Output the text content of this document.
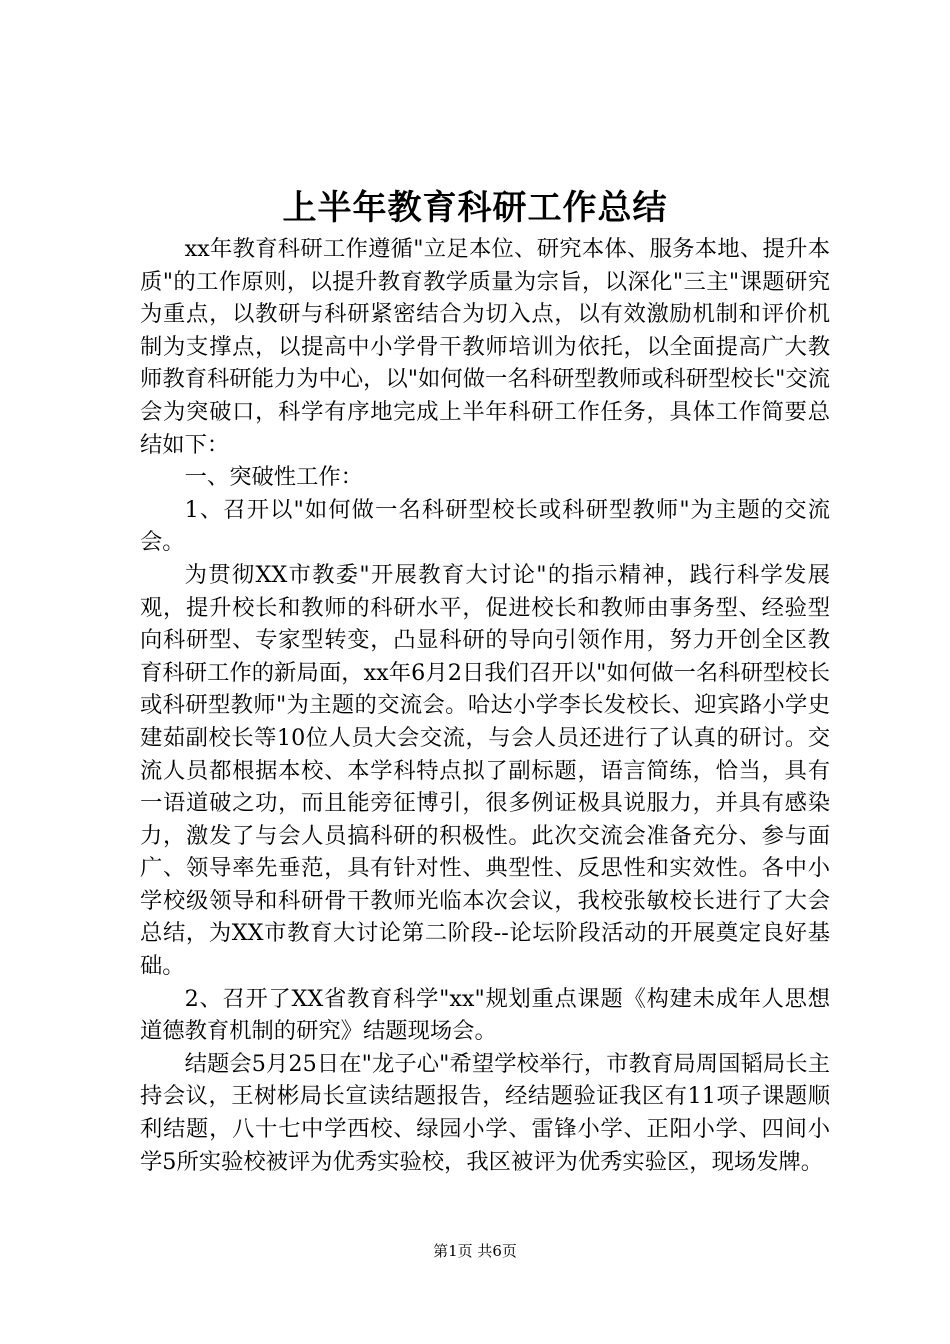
上半年教育科研工作总结

xx年教育科研工作遵循"立足本位、研究本体、服务本地、提升本质"的工作原则，以提升教育教学质量为宗旨，以深化"三主"课题研究为重点，以教研与科研紧密结合为切入点，以有效激励机制和评价机制为支撑点，以提高中小学骨干教师培训为依托，以全面提高广大教师教育科研能力为中心，以"如何做一名科研型教师或科研型校长"交流会为突破口，科学有序地完成上半年科研工作任务，具体工作简要总结如下：

一、突破性工作：

1、召开以"如何做一名科研型校长或科研型教师"为主题的交流会。

为贯彻XX市教委"开展教育大讨论"的指示精神，践行科学发展观，提升校长和教师的科研水平，促进校长和教师由事务型、经验型向科研型、专家型转变，凸显科研的导向引领作用，努力开创全区教育科研工作的新局面，xx年6月2日我们召开以"如何做一名科研型校长或科研型教师"为主题的交流会。哈达小学李长发校长、迎宾路小学史建茹副校长等10位人员大会交流，与会人员还进行了认真的研讨。交流人员都根据本校、本学科特点拟了副标题，语言简练，恰当，具有一语道破之功，而且能旁征博引，很多例证极具说服力，并具有感染力，激发了与会人员搞科研的积极性。此次交流会准备充分、参与面广、领导率先垂范，具有针对性、典型性、反思性和实效性。各中小学校级领导和科研骨干教师光临本次会议，我校张敏校长进行了大会总结，为XX市教育大讨论第二阶段--论坛阶段活动的开展奠定良好基础。

2、召开了XX省教育科学"xx"规划重点课题《构建未成年人思想道德教育机制的研究》结题现场会。

结题会5月25日在"龙子心"希望学校举行，市教育局周国韬局长主持会议，王树彬局长宣读结题报告，经结题验证我区有11项子课题顺利结题，八十七中学西校、绿园小学、雷锋小学、正阳小学、四间小学5所实验校被评为优秀实验校，我区被评为优秀实验区，现场发牌。

第1页 共6页
